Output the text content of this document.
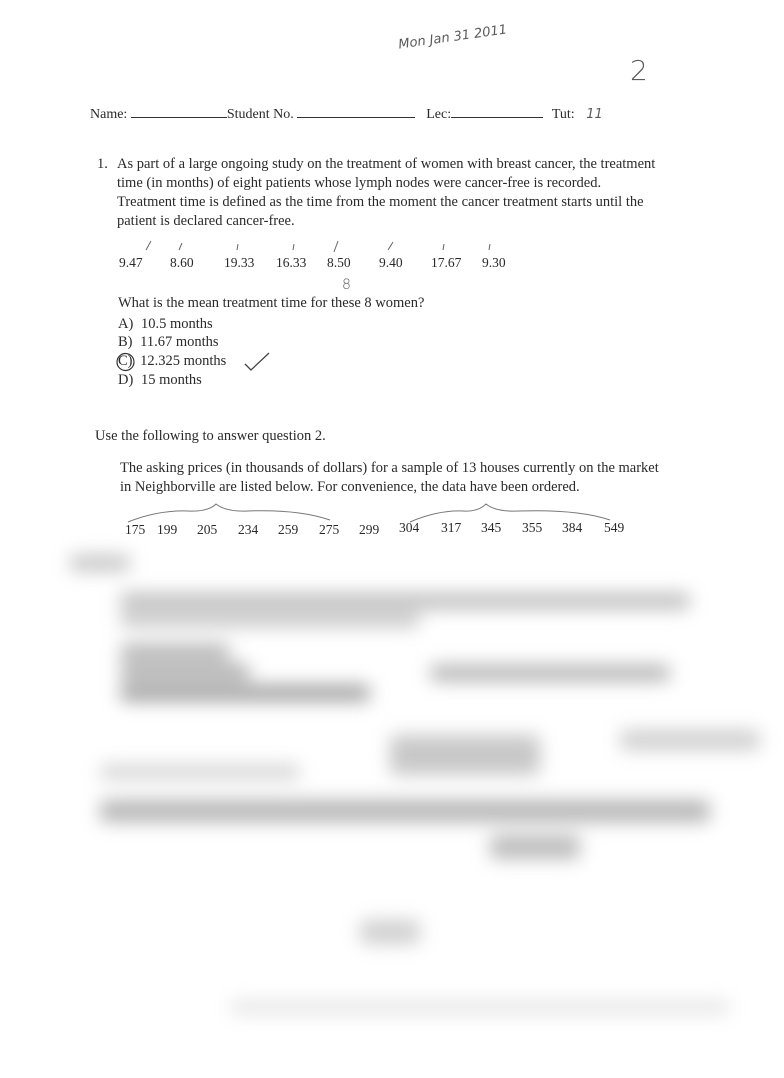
Mon Jan 31 2011
2
Name:	Student No.	Lec:	Tut: 11
1. As part of a large ongoing study on the treatment of women with breast cancer, the treatment
time (in months) of eight patients whose lymph nodes were cancer-free is recorded.
Treatment time is defined as the time from the moment the cancer treatment starts until the
patient is declared cancer-free.
9.47 8.60 19.33 16.33 8.50 9.40 17.67 9.30
8
What is the mean treatment time for these 8 women?
A) 10.5 months
B) 11.67 months
C) 12.325 months
D) 15 months
Use the following to answer question 2.
The asking prices (in thousands of dollars) for a sample of 13 houses currently on the market
in Neighborville are listed below. For convenience, the data have been ordered.
175 199 205 234 259 275 299 304 317 345 355 384 549
